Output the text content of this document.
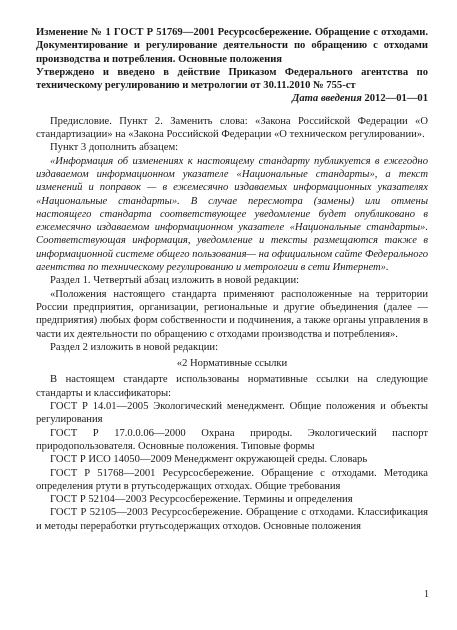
Изменение № 1 ГОСТ Р 51769—2001 Ресурсосбережение. Обращение с отходами. Документирование и регулирование деятельности по обращению с отходами производства и потребления. Основные положения

Утверждено и введено в действие Приказом Федерального агентства по техническому регулированию и метрологии от 30.11.2010 № 755-ст

Дата введения 2012—01—01

Предисловие. Пункт 2. Заменить слова: «Закона Российской Федерации «О стандартизации» на «Закона Российской Федерации «О техническом регулировании».

Пункт 3 дополнить абзацем:

«Информация об изменениях к настоящему стандарту публикуется в ежегодно издаваемом информационном указателе «Национальные стандарты», а текст изменений и поправок — в ежемесячно издаваемых информационных указателях «Национальные стандарты». В случае пересмотра (замены) или отмены настоящего стандарта соответствующее уведомление будет опубликовано в ежемесячно издаваемом информационном указателе «Национальные стандарты». Соответствующая информация, уведомление и тексты размещаются также в информационной системе общего пользования— на официальном сайте Федерального агентства по техническому регулированию и метрологии в сети Интернет».

Раздел 1. Четвертый абзац изложить в новой редакции:

«Положения настоящего стандарта применяют расположенные на территории России предприятия, организации, региональные и другие объединения (далее — предприятия) любых форм собственности и подчинения, а также органы управления в части их деятельности по обращению с отходами производства и потребления».

Раздел 2 изложить в новой редакции:

«2 Нормативные ссылки

В настоящем стандарте использованы нормативные ссылки на следующие стандарты и классификаторы:

ГОСТ Р 14.01—2005 Экологический менеджмент. Общие положения и объекты регулирования

ГОСТ Р 17.0.0.06—2000 Охрана природы. Экологический паспорт природопользователя. Основные положения. Типовые формы

ГОСТ Р ИСО 14050—2009 Менеджмент окружающей среды. Словарь

ГОСТ Р 51768—2001 Ресурсосбережение. Обращение с отходами. Методика определения ртути в ртутьсодержащих отходах. Общие требования

ГОСТ Р 52104—2003 Ресурсосбережение. Термины и определения

ГОСТ Р 52105—2003 Ресурсосбережение. Обращение с отходами. Классификация и методы переработки ртутьсодержащих отходов. Основные положения

1
